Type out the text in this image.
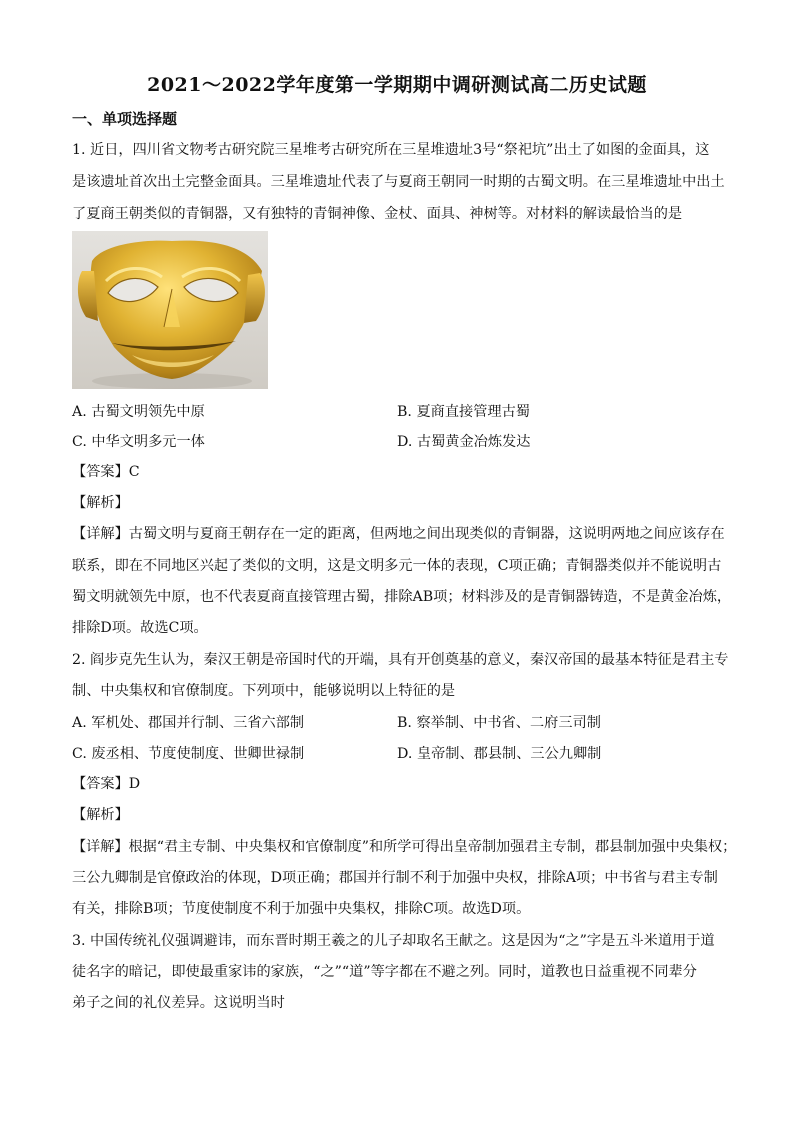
2021～2022学年度第一学期期中调研测试高二历史试题
一、单项选择题
1. 近日，四川省文物考古研究院三星堆考古研究所在三星堆遗址3号“祭祀坑”出土了如图的金面具，这
是该遗址首次出土完整金面具。三星堆遗址代表了与夏商王朝同一时期的古蜀文明。在三星堆遗址中出土
了夏商王朝类似的青铜器，又有独特的青铜神像、金杖、面具、神树等。对材料的解读最恰当的是
A. 古蜀文明领先中原	B. 夏商直接管理古蜀
C. 中华文明多元一体	D. 古蜀黄金冶炼发达
【答案】C
【解析】
【详解】古蜀文明与夏商王朝存在一定的距离，但两地之间出现类似的青铜器，这说明两地之间应该存在
联系，即在不同地区兴起了类似的文明，这是文明多元一体的表现，C项正确；青铜器类似并不能说明古
蜀文明就领先中原，也不代表夏商直接管理古蜀，排除AB项；材料涉及的是青铜器铸造，不是黄金冶炼，
排除D项。故选C项。
2. 阎步克先生认为，秦汉王朝是帝国时代的开端，具有开创奠基的意义，秦汉帝国的最基本特征是君主专
制、中央集权和官僚制度。下列项中，能够说明以上特征的是
A. 军机处、郡国并行制、三省六部制	B. 察举制、中书省、二府三司制
C. 废丞相、节度使制度、世卿世禄制	D. 皇帝制、郡县制、三公九卿制
【答案】D
【解析】
【详解】根据“君主专制、中央集权和官僚制度”和所学可得出皇帝制加强君主专制，郡县制加强中央集权；
三公九卿制是官僚政治的体现，D项正确；郡国并行制不利于加强中央权，排除A项；中书省与君主专制
有关，排除B项；节度使制度不利于加强中央集权，排除C项。故选D项。
3. 中国传统礼仪强调避讳，而东晋时期王羲之的儿子却取名王献之。这是因为“之”字是五斗米道用于道
徒名字的暗记，即使最重家讳的家族，“之”“道”等字都在不避之列。同时，道教也日益重视不同辈分
弟子之间的礼仪差异。这说明当时
